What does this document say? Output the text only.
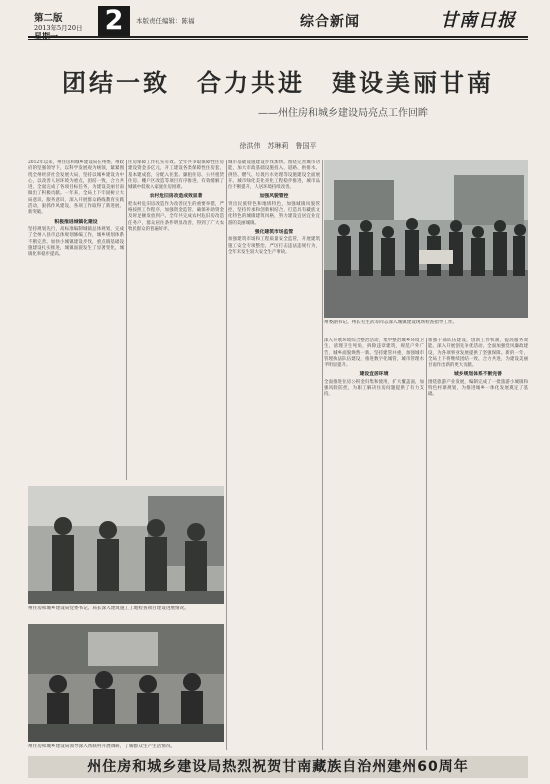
第二版
2013年5月20日 2	本版责任编辑：陈福	综合新闻	甘南日报
团结一致　合力共进　建设美丽甘南
——州住房和城乡建设局亮点工作回眸
徐洪伟　苏琳莉　鲁国平
2012年以来，州住房和城乡建设局在州委、州政府的坚强领导下，以科学发展观为统领，紧紧围绕全州经济社会发展大局，坚持以城乡建设为中心，以改善人居环境为重点，团结一致，合力共进，全面完成了各项目标任务，为建设美丽甘南做出了积极贡献。一年来，全局上下牢固树立大局意识、服务意识，深入开展群众路线教育实践活动，狠抓作风建设，各项工作取得了新进展、新突破。
积极推进城镇化建设
坚持规划先行，高标准编制城镇总体规划，完成了全州八县市总体规划修编工作，城乡规划体系不断完善。加快小城镇建设步伐，重点镇基础设施建设扎实推进，城镇面貌发生了显著变化，城镇化率稳步提高。
住房保障工作扎实有效。全年共争取保障性住房建设资金多亿元，开工建设各类保障性住房套，基本建成套，分配入住套。廉租住房、公共租赁住房、棚户区改造等项目有序推进，有效缓解了城镇中低收入家庭住房困难。
农村危旧房改造成效显著
把农村危旧房改造作为改善民生的重要举措，严格按照工作程序，加强资金监管，确保补助资金及时足额发放到户。全年共完成农村危旧房改造任务户，群众居住条件明显改善，得到了广大农牧民群众的普遍好评。
城市基础设施建设步伐加快。围绕完善城市功能，加大市政基础设施投入，道路、供排水、供热、燃气、垃圾污水处理等设施建设全面展开。城市绿化美化亮化工程稳步推进，城市品位不断提升，人居环境持续改善。
加强风貌管控
突出民族特色和地域特色，加强城镇风貌管控，坚持传承和创新相结合，打造具有藏族文化特色的城镇建筑风格，努力建设宜居宜业宜游的美丽城镇。
强化建筑市场监管
加强建筑市场和工程质量安全监管，开展建筑施工安全专项整治，严厉打击违法违规行为，全年未发生较大安全生产事故。
州委副书记、州长毛生武等同志深入城镇建设现场检查指导工作。
深入开展环境综合整治活动，集中整治城乡环境卫生，清理卫生死角，拆除违章建筑，规范户外广告，城乡面貌焕然一新。坚持建管并重，加强城市管理执法队伍建设，推进数字化城管，城市管理水平明显提升。
建设宜居环境
全面推进住房公积金归集和使用，扩大覆盖面，加强风险防控，为职工解决住房问题提供了有力支持。
加强干部队伍建设，创新工作机制，提高服务效能。深入开展创先争优活动，全面加强党风廉政建设，为各项事业发展提供了坚强保障。新的一年，全局上下将继续团结一致、合力共进，为建设美丽甘南作出新的更大贡献。
城乡规划体系不断完善
围绕旅游产业发展，编制完成了一批旅游小城镇和特色村寨规划，为推进城乡一体化发展奠定了基础。
州住房和城乡建设局党委书记、局长深入建筑施工工地检查项目建设进展情况。
州住房和城乡建设局领导深入帮联村开展调研，了解群众生产生活情况。
州住房和城乡建设局热烈祝贺甘南藏族自治州建州60周年
